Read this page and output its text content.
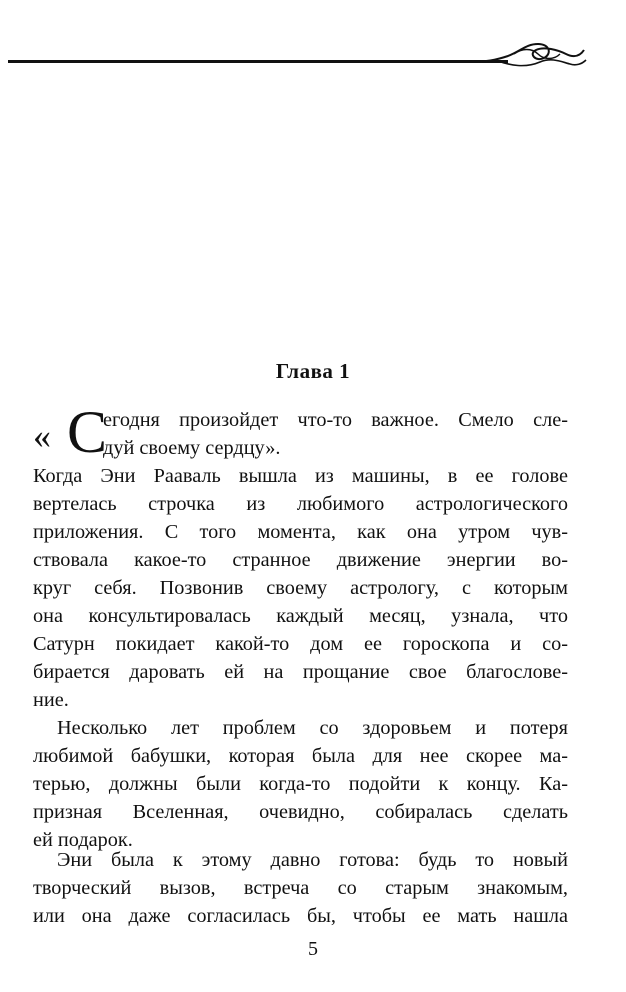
Глава 1
« С
егодня произойдет что-то важное. Смело сле-
дуй своему сердцу».
Когда Эни Рааваль вышла из машины, в ее голове
вертелась строчка из любимого астрологического
приложения. С того момента, как она утром чув-
ствовала какое-то странное движение энергии во-
круг себя. Позвонив своему астрологу, с которым
она консультировалась каждый месяц, узнала, что
Сатурн покидает какой-то дом ее гороскопа и со-
бирается даровать ей на прощание свое благослове-
ние.
Несколько лет проблем со здоровьем и потеря
любимой бабушки, которая была для нее скорее ма-
терью, должны были когда-то подойти к концу. Ка-
призная Вселенная, очевидно, собиралась сделать
ей подарок.
Эни была к этому давно готова: будь то новый
творческий вызов, встреча со старым знакомым,
или она даже согласилась бы, чтобы ее мать нашла
5
